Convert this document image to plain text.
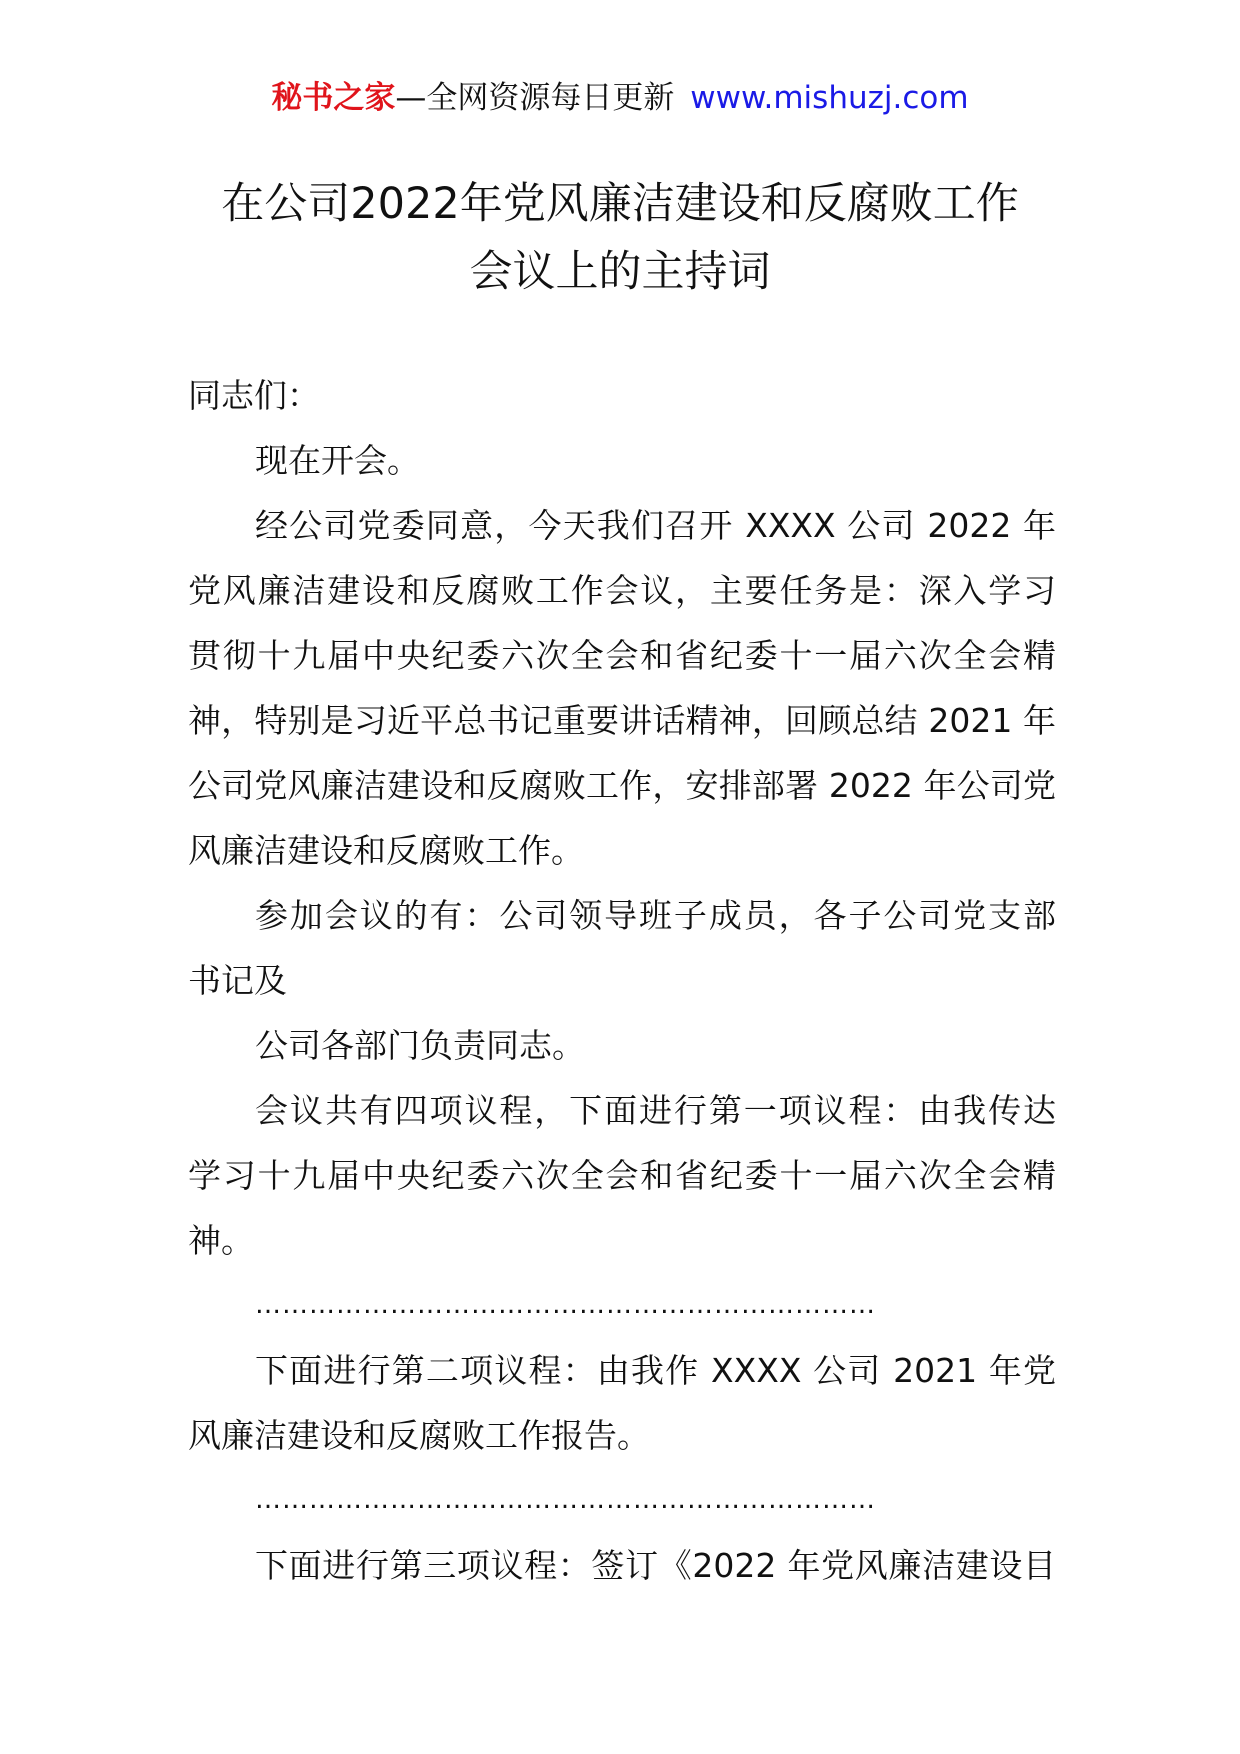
秘书之家—全网资源每日更新 www.mishuzj.com
在公司2022年党风廉洁建设和反腐败工作
会议上的主持词
同志们：
现在开会。
经公司党委同意，今天我们召开 XXXX 公司 2022 年
党风廉洁建设和反腐败工作会议，主要任务是：深入学习
贯彻十九届中央纪委六次全会和省纪委十一届六次全会精
神，特别是习近平总书记重要讲话精神，回顾总结 2021 年
公司党风廉洁建设和反腐败工作，安排部署 2022 年公司党
风廉洁建设和反腐败工作。
参加会议的有：公司领导班子成员，各子公司党支部
书记及
公司各部门负责同志。
会议共有四项议程，下面进行第一项议程：由我传达
学习十九届中央纪委六次全会和省纪委十一届六次全会精
神。
……………………………………………………………
下面进行第二项议程：由我作 XXXX 公司 2021 年党
风廉洁建设和反腐败工作报告。
……………………………………………………………
下面进行第三项议程：签订《2022 年党风廉洁建设目
